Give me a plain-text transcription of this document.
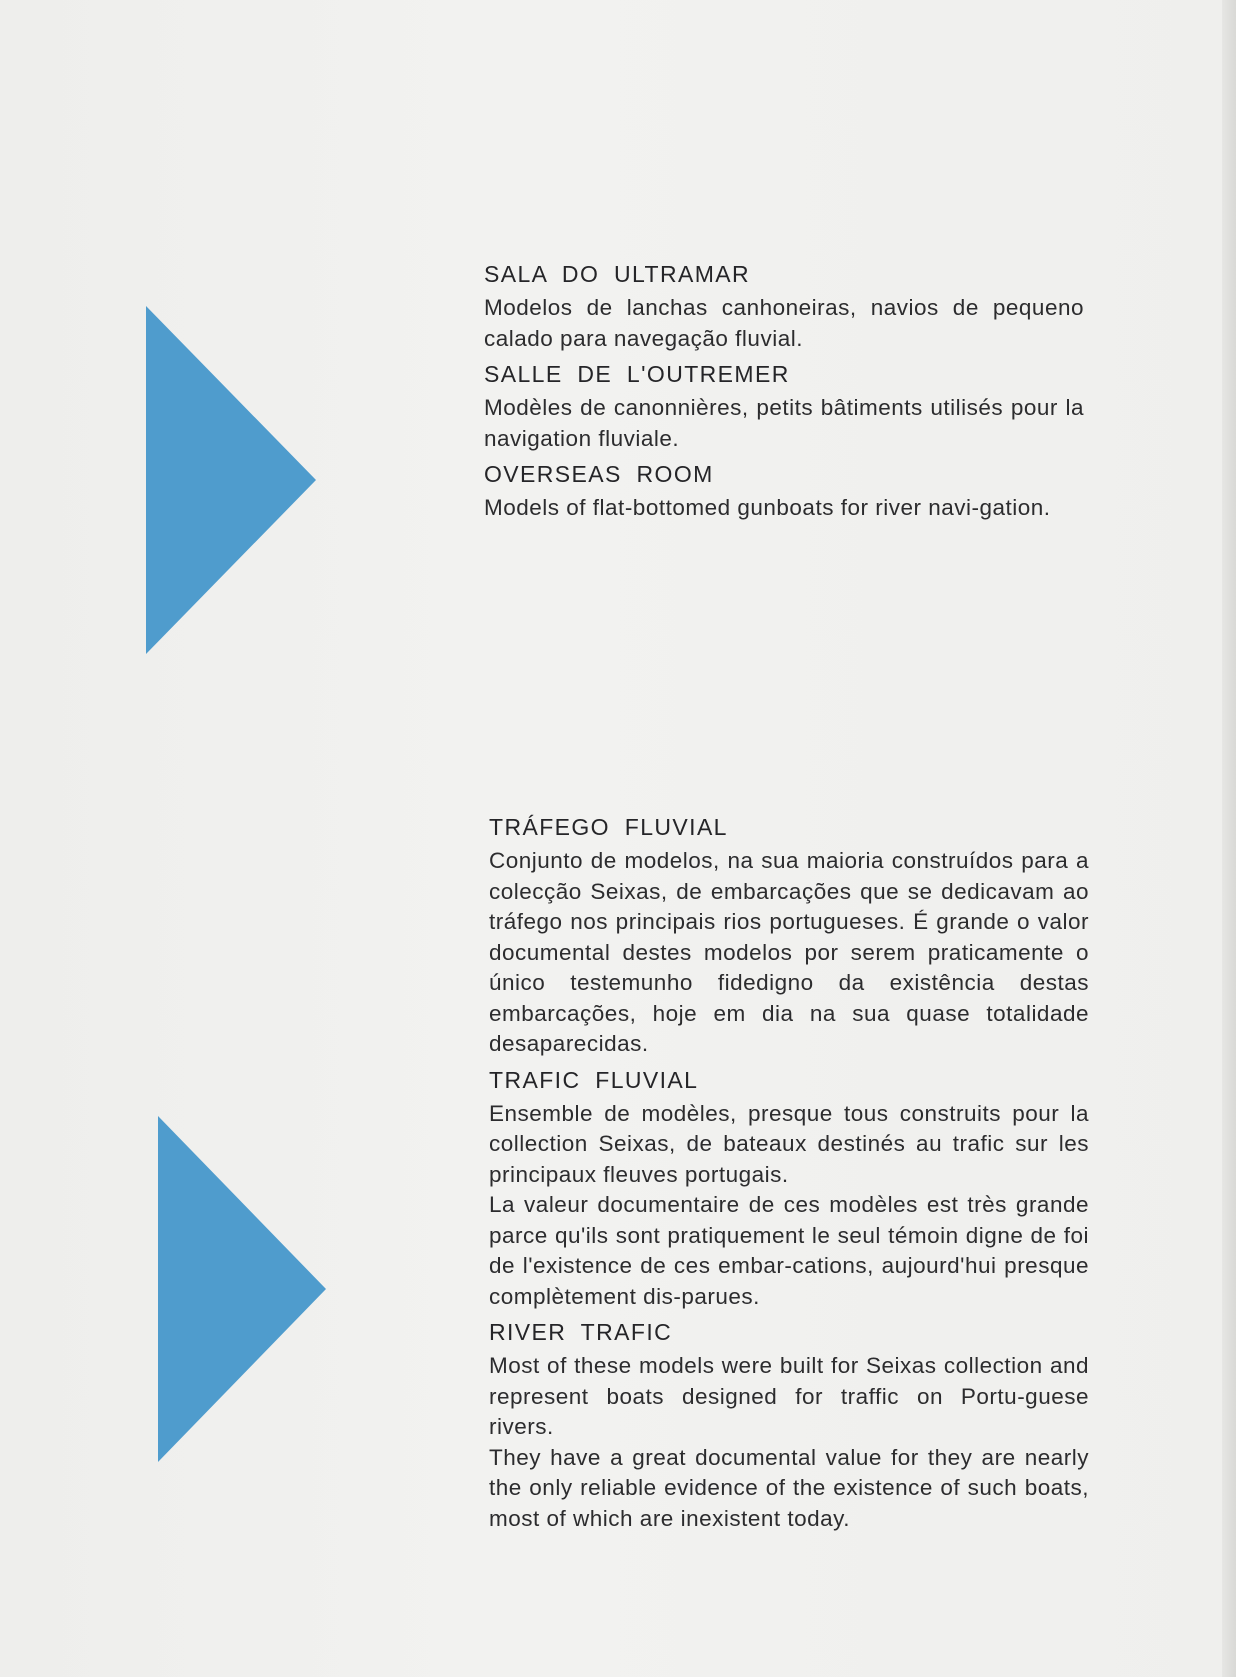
SALA DO ULTRAMAR

Modelos de lanchas canhoneiras, navios de pequeno calado para navegação fluvial.

SALLE DE L'OUTREMER

Modèles de canonnières, petits bâtiments utilisés pour la navigation fluviale.

OVERSEAS ROOM

Models of flat-bottomed gunboats for river navi-gation.

TRÁFEGO FLUVIAL

Conjunto de modelos, na sua maioria construídos para a colecção Seixas, de embarcações que se dedicavam ao tráfego nos principais rios portugueses. É grande o valor documental destes modelos por serem praticamente o único testemunho fidedigno da existência destas embarcações, hoje em dia na sua quase totalidade desaparecidas.

TRAFIC FLUVIAL

Ensemble de modèles, presque tous construits pour la collection Seixas, de bateaux destinés au trafic sur les principaux fleuves portugais.

La valeur documentaire de ces modèles est très grande parce qu'ils sont pratiquement le seul témoin digne de foi de l'existence de ces embar-cations, aujourd'hui presque complètement dis-parues.

RIVER TRAFIC

Most of these models were built for Seixas collection and represent boats designed for traffic on Portu-guese rivers.

They have a great documental value for they are nearly the only reliable evidence of the existence of such boats, most of which are inexistent today.
